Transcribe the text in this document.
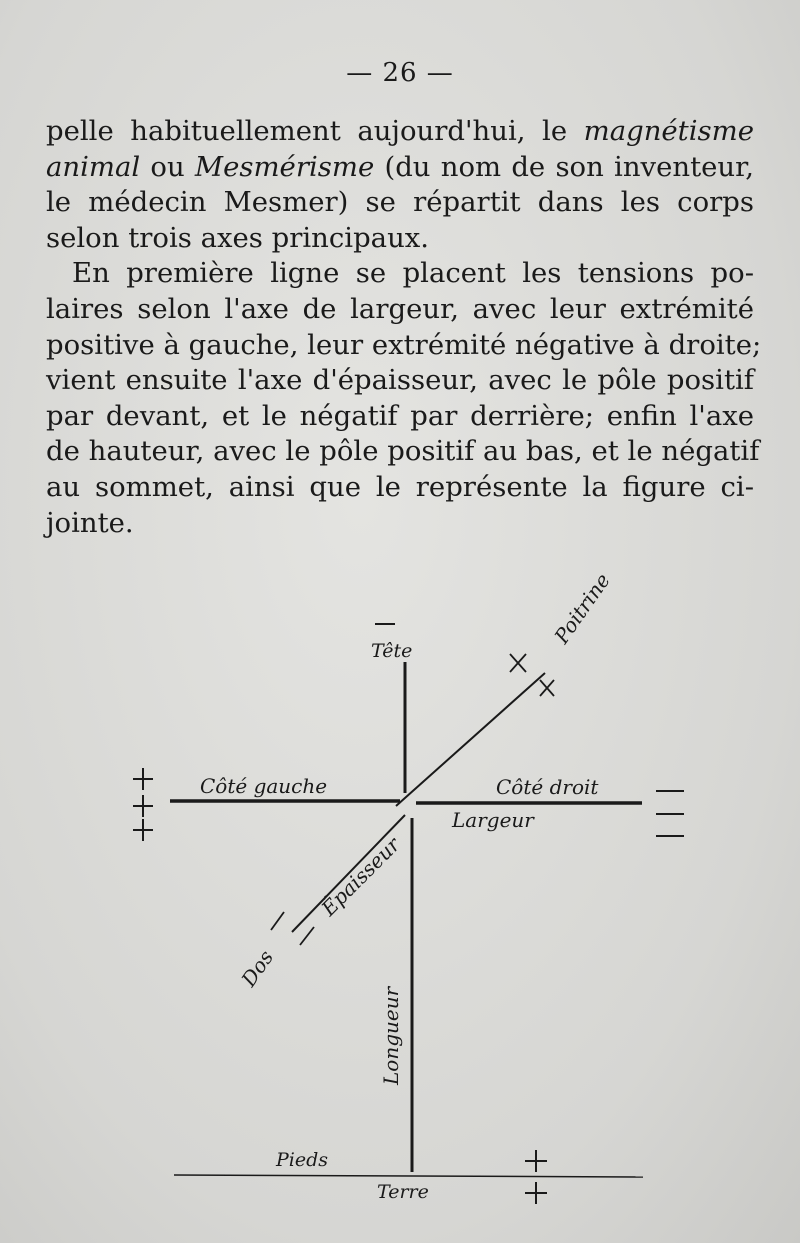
— 26 —
pelle habituellement aujourd'hui, le magnétisme
animal ou Mesmérisme (du nom de son inventeur,
le médecin Mesmer) se répartit dans les corps
selon trois axes principaux.
En première ligne se placent les tensions po-
laires selon l'axe de largeur, avec leur extrémité
positive à gauche, leur extrémité négative à droite;
vient ensuite l'axe d'épaisseur, avec le pôle positif
par devant, et le négatif par derrière; enfin l'axe
de hauteur, avec le pôle positif au bas, et le négatif
au sommet, ainsi que le représente la figure ci-
jointe.
Tête
Côté gauche	Côté droit
Largeur
Épaisseur
Dos
Poitrine
Longueur
Pieds
Terre
